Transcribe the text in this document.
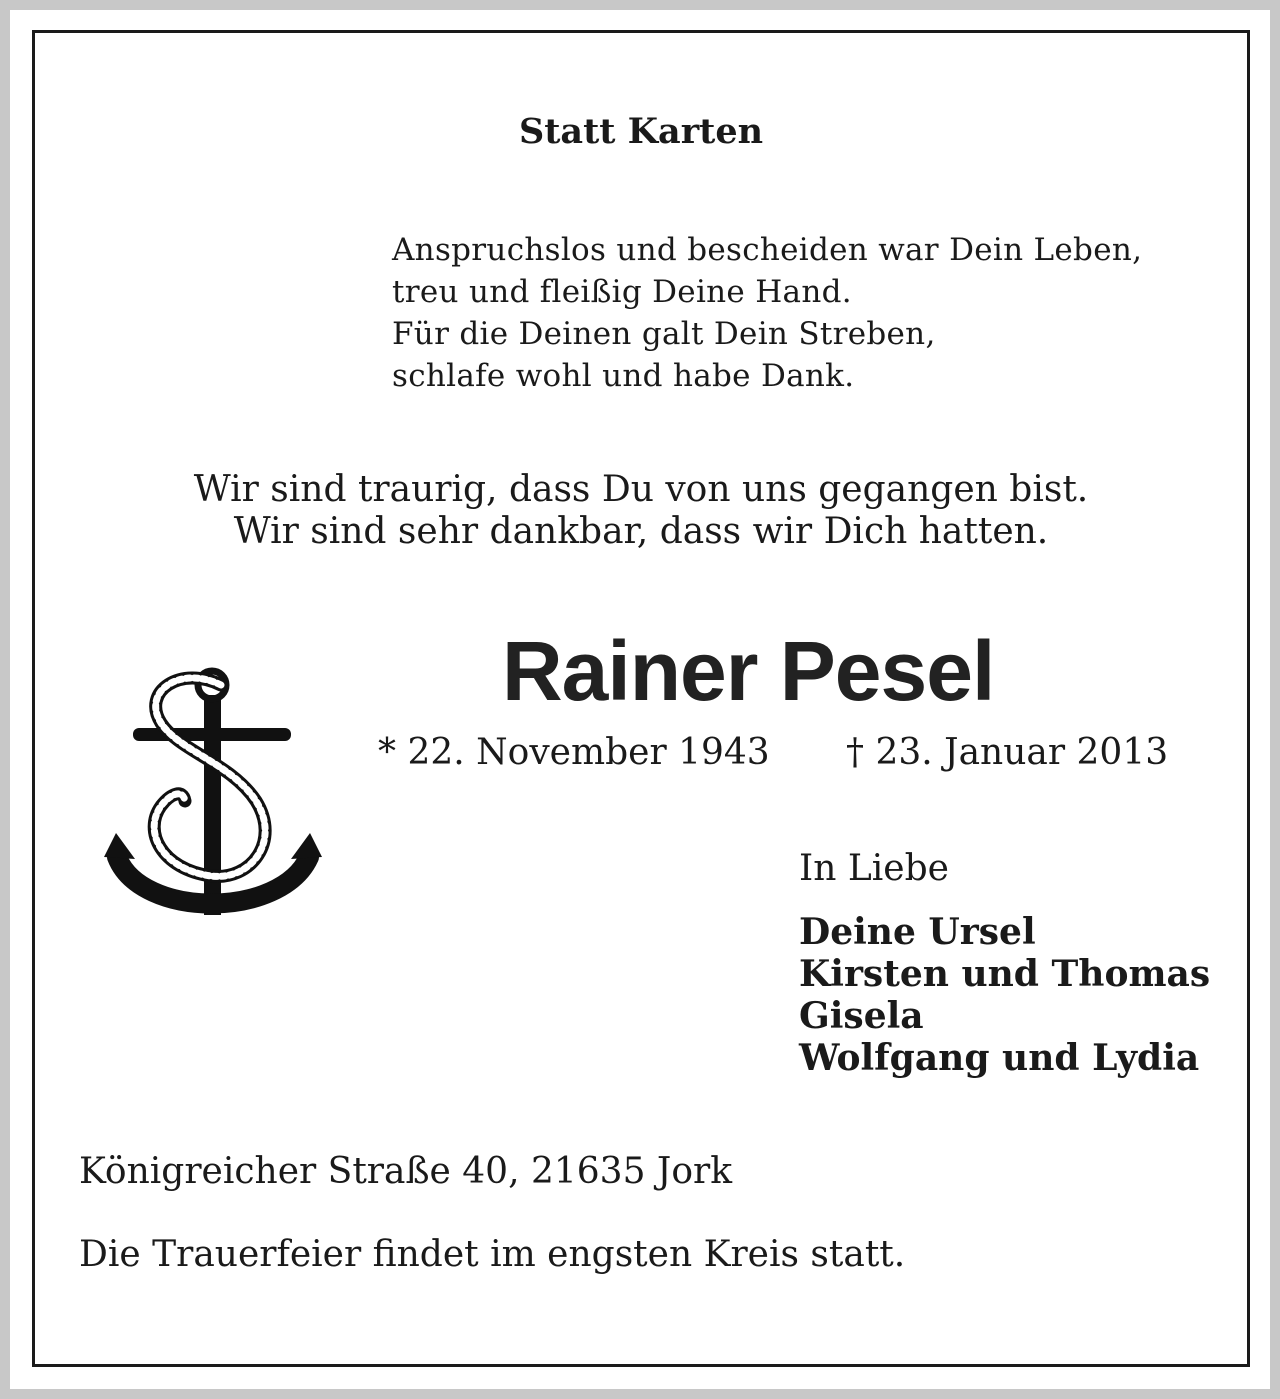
Statt Karten
Anspruchslos und bescheiden war Dein Leben,
treu und fleißig Deine Hand.
Für die Deinen galt Dein Streben,
schlafe wohl und habe Dank.
Wir sind traurig, dass Du von uns gegangen bist.
Wir sind sehr dankbar, dass wir Dich hatten.
Rainer Pesel
* 22. November 1943 † 23. Januar 2013
In Liebe
Deine Ursel
Kirsten und Thomas
Gisela
Wolfgang und Lydia
Königreicher Straße 40, 21635 Jork
Die Trauerfeier findet im engsten Kreis statt.
